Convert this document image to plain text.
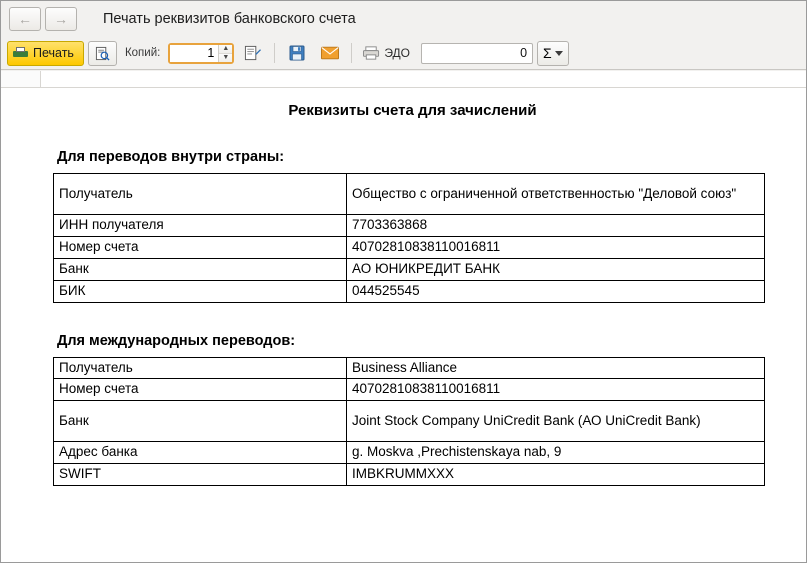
←	→	Печать реквизитов банковского счета
Печать	Копий:
1	▲
▼	ЭДО	0	Σ
Реквизиты счета для зачислений
Для переводов внутри страны:
Получатель	Общество с ограниченной ответственностью "Деловой союз"
ИНН получателя	7703363868
Номер счета	40702810838110016811
Банк	АО ЮНИКРЕДИТ БАНК
БИК	044525545
Для международных переводов:
Получатель	Business Alliance
Номер счета	40702810838110016811
Банк	Joint Stock Company UniCredit Bank (АО UniCredit Bank)
Адрес банка	g. Moskva ,Prechistenskaya nab, 9
SWIFT	IMBKRUMMXXX
